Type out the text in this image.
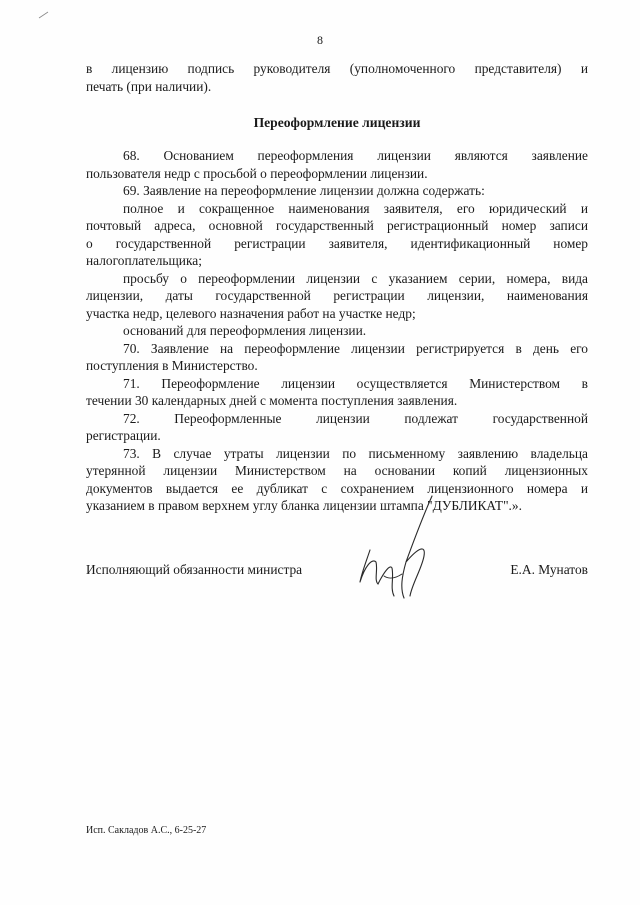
8
в лицензию подпись руководителя (уполномоченного представителя) и
печать (при наличии).
Переоформление лицензии
68. Основанием переоформления лицензии являются заявление
пользователя недр с просьбой о переоформлении лицензии.
69. Заявление на переоформление лицензии должна содержать:
полное и сокращенное наименования заявителя, его юридический и
почтовый адреса, основной государственный регистрационный номер записи
о государственной регистрации заявителя, идентификационный номер
налогоплательщика;
просьбу о переоформлении лицензии с указанием серии, номера, вида
лицензии, даты государственной регистрации лицензии, наименования
участка недр, целевого назначения работ на участке недр;
оснований для переоформления лицензии.
70. Заявление на переоформление лицензии регистрируется в день его
поступления в Министерство.
71. Переоформление лицензии осуществляется Министерством в
течении 30 календарных дней с момента поступления заявления.
72. Переоформленные лицензии подлежат государственной
регистрации.
73. В случае утраты лицензии по письменному заявлению владельца
утерянной лицензии Министерством на основании копий лицензионных
документов выдается ее дубликат с сохранением лицензионного номера и
указанием в правом верхнем углу бланка лицензии штампа "ДУБЛИКАТ".».
Исполняющий обязанности министра	Е.А. Мунатов
Исп. Сакладов А.С., 6-25-27
